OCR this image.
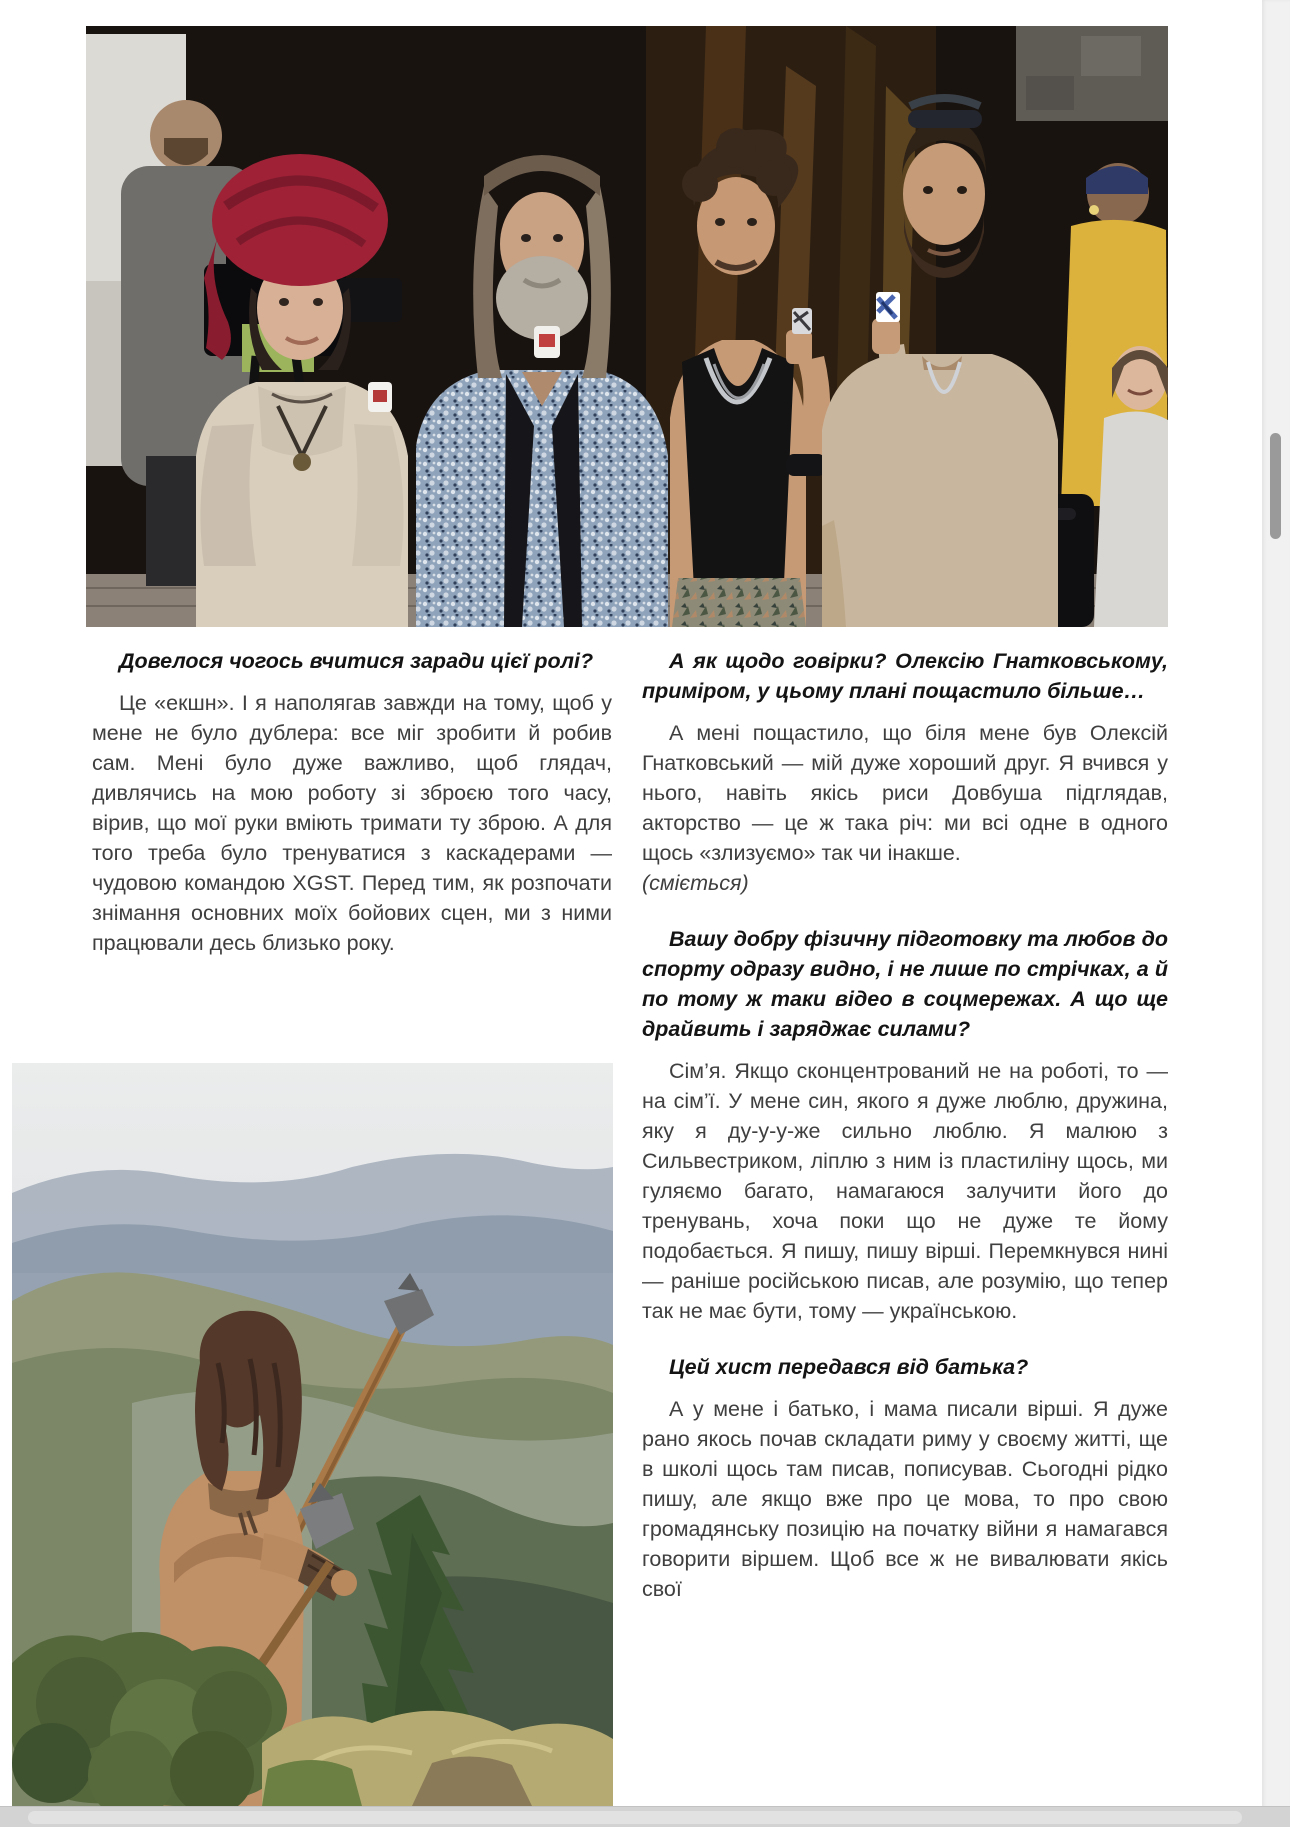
Довелося чогось вчитися заради цієї ролі?

Це «екшн». І я наполягав завжди на тому, щоб у мене не було дублера: все міг зробити й робив сам. Мені було дуже важливо, щоб глядач, дивлячись на мою роботу зі зброєю того часу, вірив, що мої руки вміють тримати ту зброю. А для того треба було тренуватися з каскадерами — чудовою командою XGST. Перед тим, як розпочати знімання основних моїх бойових сцен, ми з ними працювали десь близько року.

А як щодо говірки? Олексію Гнатковському, приміром, у цьому плані пощастило більше…

А мені пощастило, що біля мене був Олексій Гнатковський — мій дуже хороший друг. Я вчився у нього, навіть якісь риси Довбуша підглядав, акторство — це ж така річ: ми всі одне в одного щось «злизуємо» так чи інакше.
(сміється)

Вашу добру фізичну підготовку та любов до спорту одразу видно, і не лише по стрічках, а й по тому ж таки відео в соцмережах. А що ще драйвить і заряджає силами?

Сім’я. Якщо сконцентрований не на роботі, то — на сім’ї. У мене син, якого я дуже люблю, дружина, яку я ду-у-у-же сильно люблю. Я малюю з Сильвестриком, ліплю з ним із пластиліну щось, ми гуляємо багато, намагаюся залучити його до тренувань, хоча поки що не дуже те йому подобається. Я пишу, пишу вірші. Перемкнувся нині — раніше російською писав, але розумію, що тепер так не має бути, тому — українською.

Цей хист передався від батька?

А у мене і батько, і мама писали вірші. Я дуже рано якось почав складати риму у своєму житті, ще в школі щось там писав, пописував. Сьогодні рідко пишу, але якщо вже про це мова, то про свою громадянську позицію на початку війни я намагався говорити віршем. Щоб все ж не вивалювати якісь свої
